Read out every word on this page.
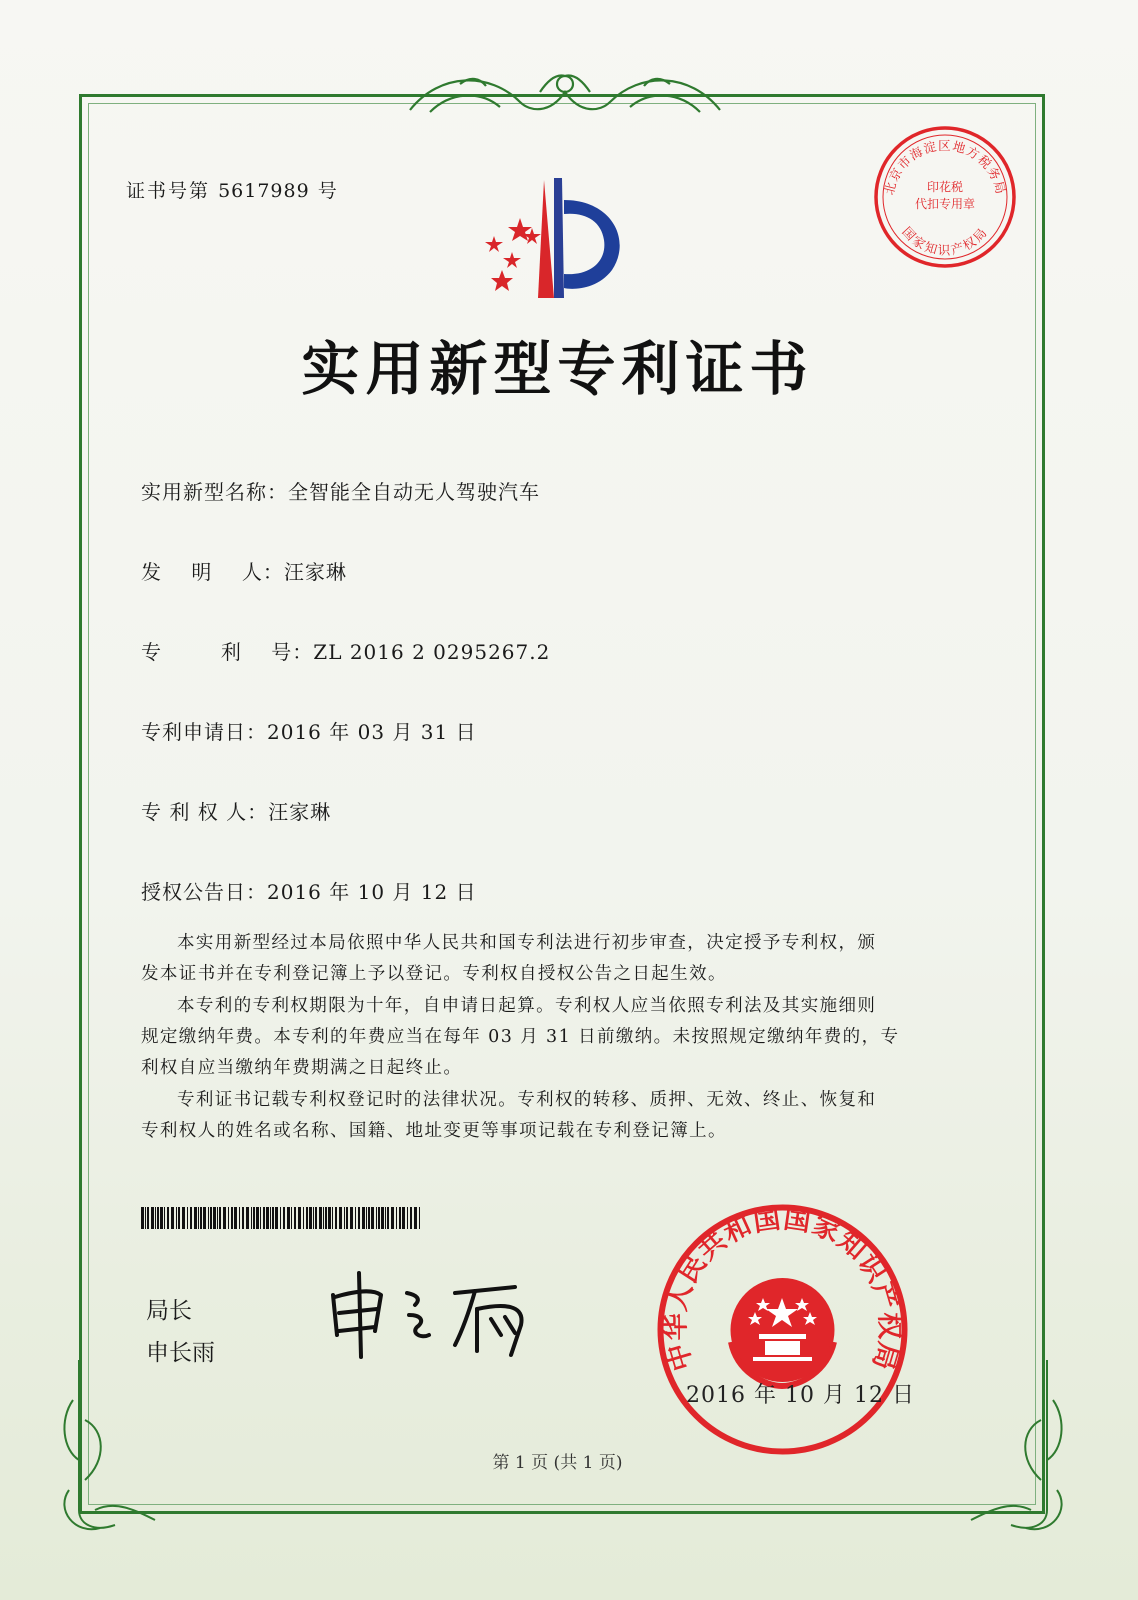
证书号第 5617989 号	北京市海淀区地方税务局
印花税
代扣专用章
国家知识产权局
实用新型专利证书
实用新型名称：全智能全自动无人驾驶汽车
发    明    人：汪家琳
专        利    号：ZL 2016 2 0295267.2
专利申请日：2016 年 03 月 31 日
专 利 权 人：汪家琳
授权公告日：2016 年 10 月 12 日
本实用新型经过本局依照中华人民共和国专利法进行初步审查，决定授予专利权，颁
发本证书并在专利登记簿上予以登记。专利权自授权公告之日起生效。
本专利的专利权期限为十年，自申请日起算。专利权人应当依照专利法及其实施细则
规定缴纳年费。本专利的年费应当在每年 03 月 31 日前缴纳。未按照规定缴纳年费的，专
利权自应当缴纳年费期满之日起终止。
专利证书记载专利权登记时的法律状况。专利权的转移、质押、无效、终止、恢复和
专利权人的姓名或名称、国籍、地址变更等事项记载在专利登记簿上。
局长
申长雨	中华人民共和国国家知识产权局
2016 年 10 月 12 日
第 1 页 (共 1 页)
